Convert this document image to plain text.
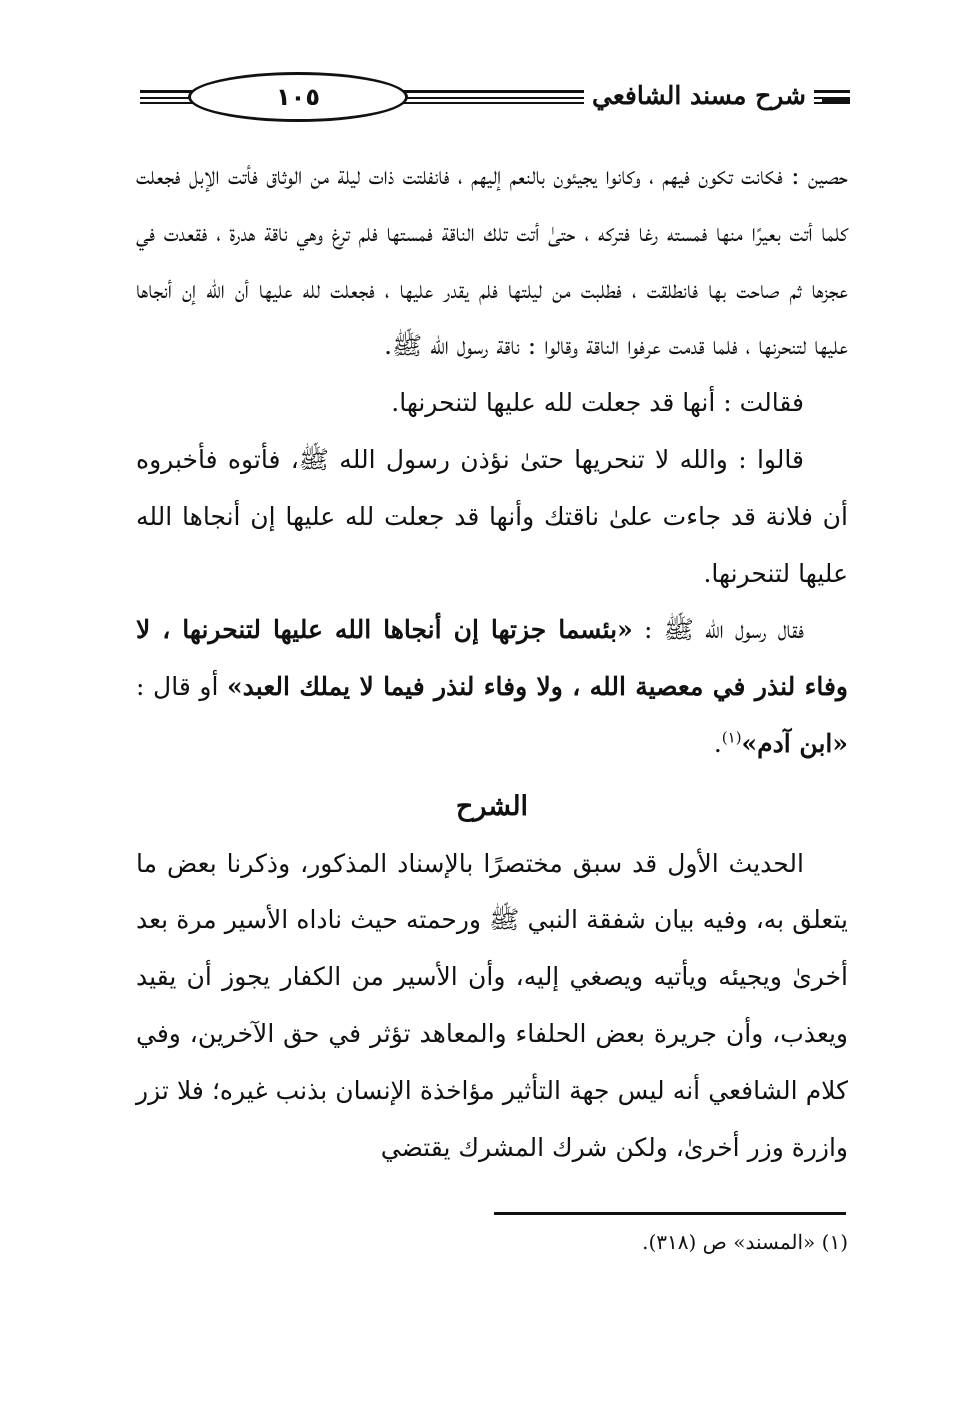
١٠٥	شرح مسند الشافعي

حصين : فكانت تكون فيهم ، وكانوا يجيئون بالنعم إليهم ، فانفلتت ذات ليلة من الوثاق فأتت الإبل فجعلت كلما أتت بعيرًا منها فمسته رغا فتركه ، حتىٰ أتت تلك الناقة فمستها فلم ترغ وهي ناقة هدرة ، فقعدت في عجزها ثم صاحت بها فانطلقت ، فطلبت من ليلتها فلم يقدر عليها ، فجعلت لله عليها أن الله إن أنجاها عليها لتنحرنها ، فلما قدمت عرفوا الناقة وقالوا : ناقة رسول الله ﷺ.

فقالت : أنها قد جعلت لله عليها لتنحرنها.

قالوا : والله لا تنحريها حتىٰ نؤذن رسول الله ﷺ، فأتوه فأخبروه أن فلانة قد جاءت علىٰ ناقتك وأنها قد جعلت لله عليها إن أنجاها الله عليها لتنحرنها.

فقال رسول الله ﷺ : «بئسما جزتها إن أنجاها الله عليها لتنحرنها ، لا وفاء لنذر في معصية الله ، ولا وفاء لنذر فيما لا يملك العبد» أو قال : «ابن آدم»$^{(١)}$.

الشرح

الحديث الأول قد سبق مختصرًا بالإسناد المذكور، وذكرنا بعض ما يتعلق به، وفيه بيان شفقة النبي ﷺ ورحمته حيث ناداه الأسير مرة بعد أخرىٰ ويجيئه ويأتيه ويصغي إليه، وأن الأسير من الكفار يجوز أن يقيد ويعذب، وأن جريرة بعض الحلفاء والمعاهد تؤثر في حق الآخرين، وفي كلام الشافعي أنه ليس جهة التأثير مؤاخذة الإنسان بذنب غيره؛ فلا تزر وازرة وزر أخرىٰ، ولكن شرك المشرك يقتضي

(١) «المسند» ص (٣١٨).
